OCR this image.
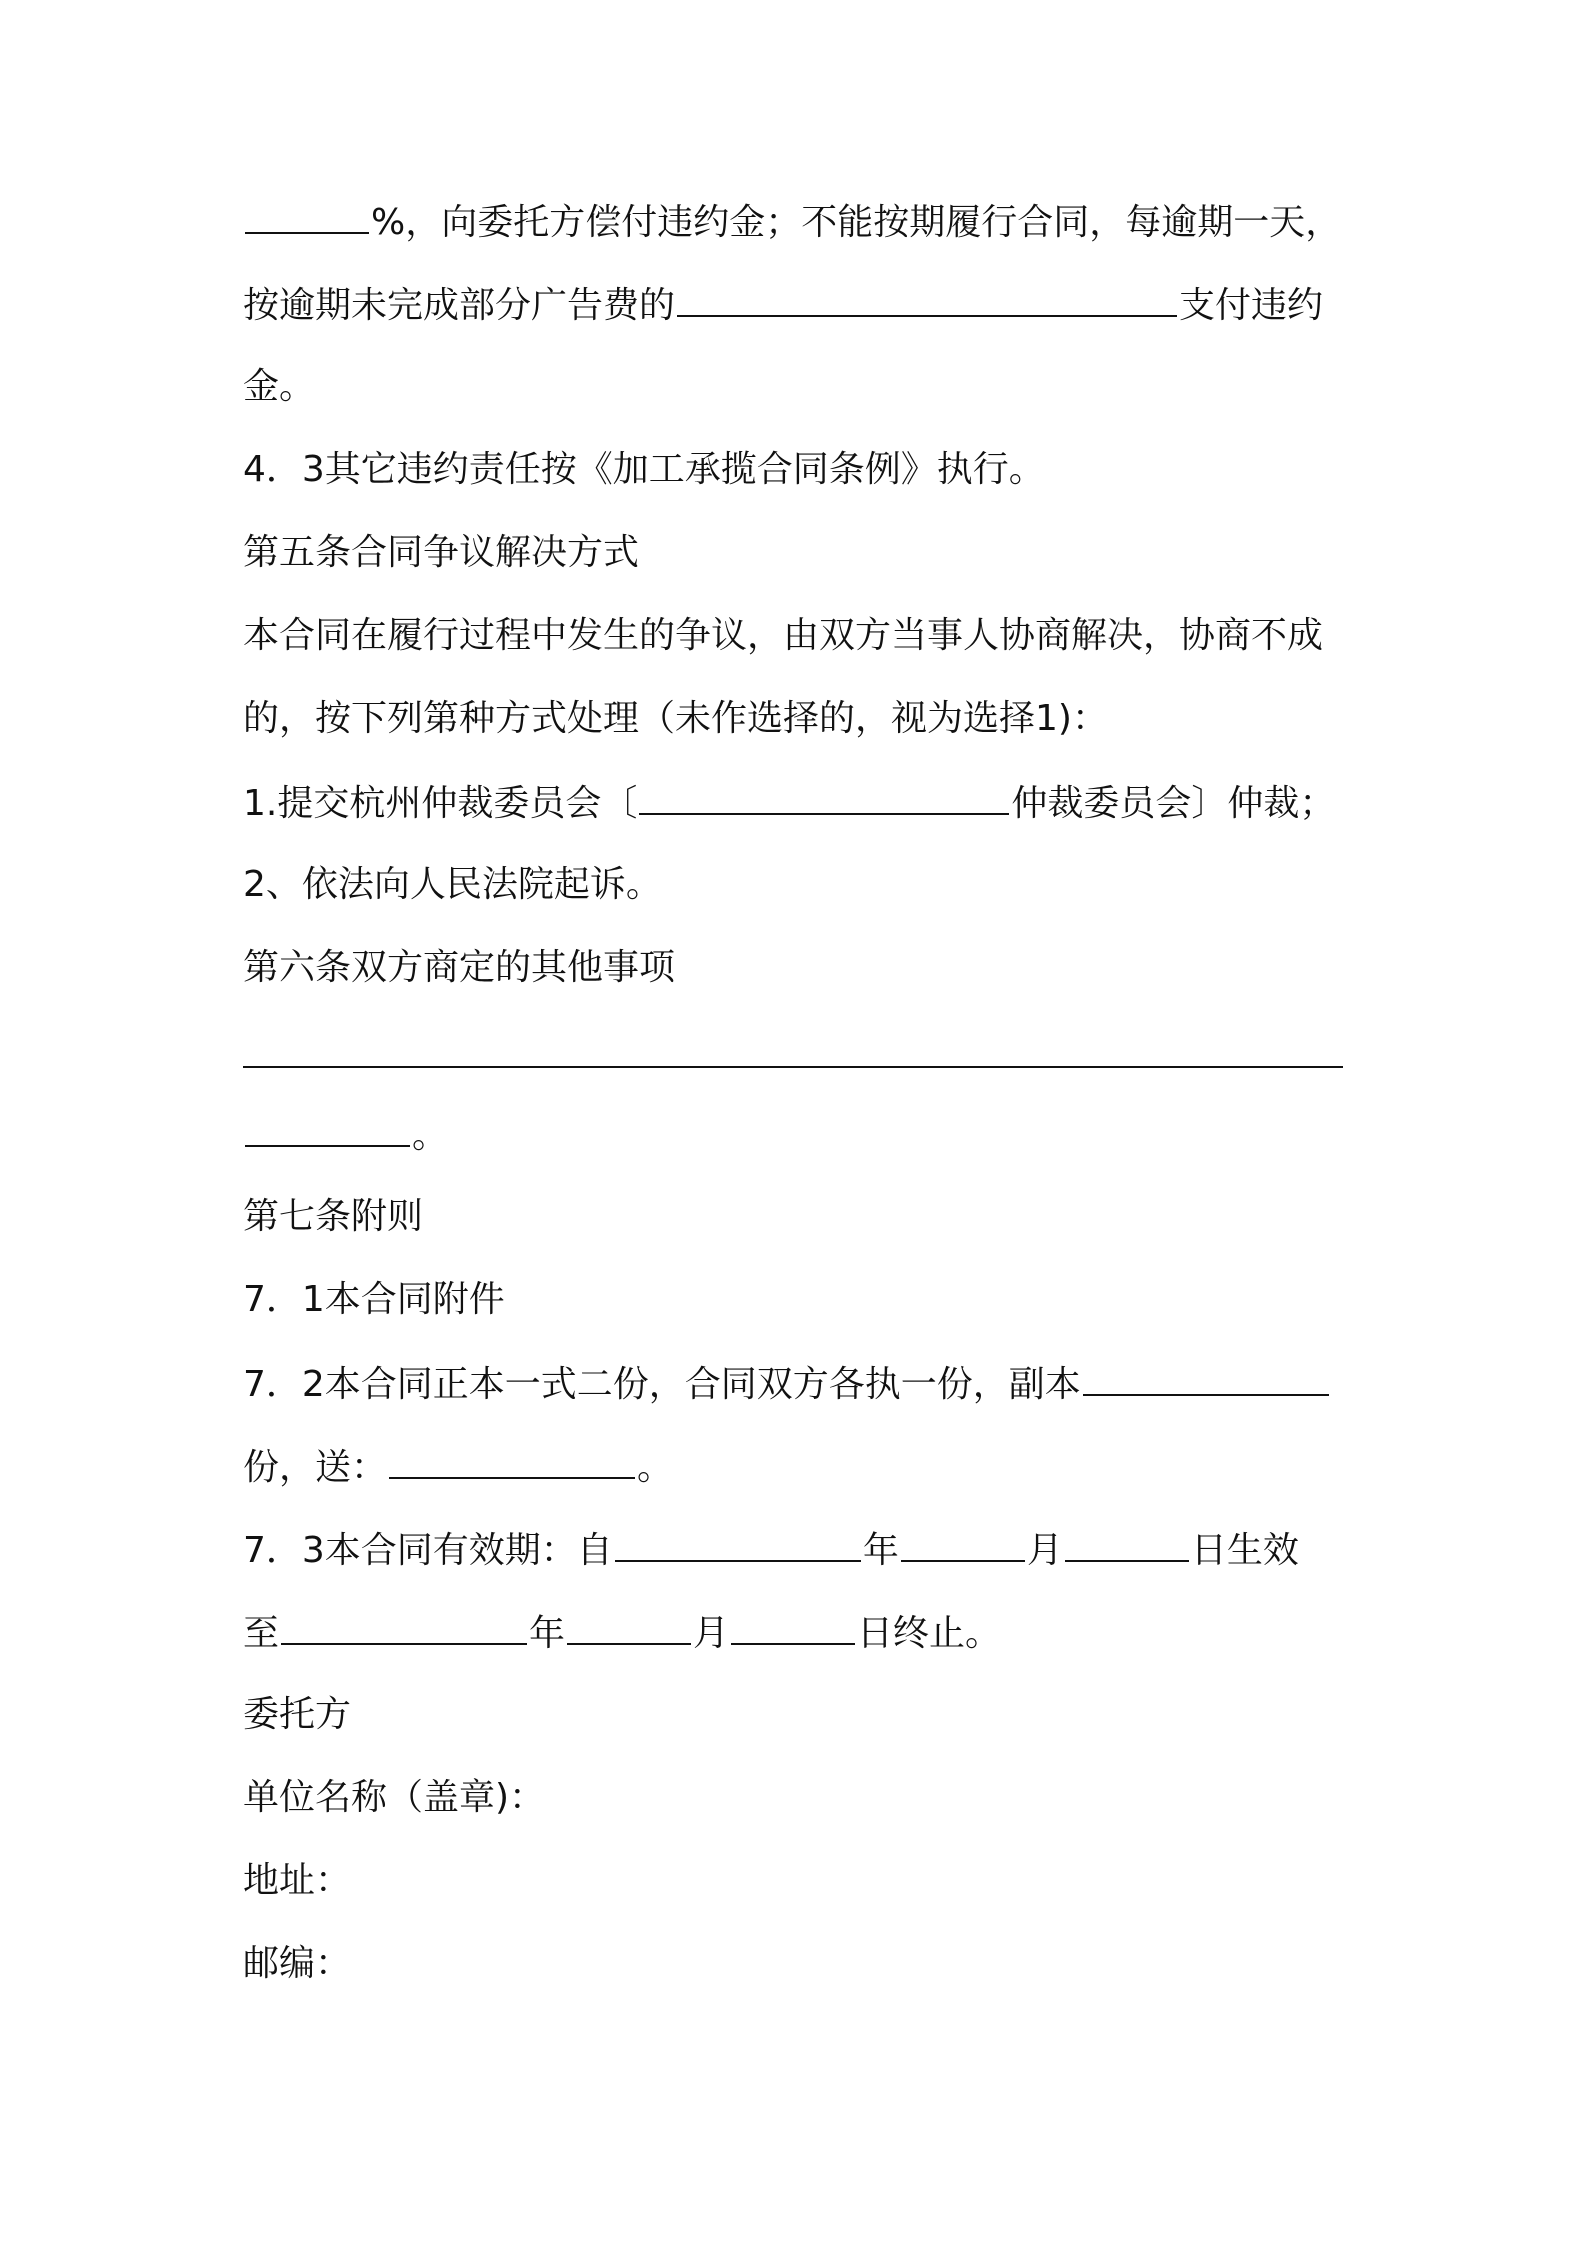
%，向委托方偿付违约金；不能按期履行合同，每逾期一天，
按逾期未完成部分广告费的	支付违约
金。
4．3其它违约责任按《加工承揽合同条例》执行。
第五条合同争议解决方式
本合同在履行过程中发生的争议，由双方当事人协商解决，协商不成
的，按下列第种方式处理（未作选择的，视为选择1)：
1.提交杭州仲裁委员会〔	仲裁委员会〕仲裁；
2、依法向人民法院起诉。
第六条双方商定的其他事项
。
第七条附则
7．1本合同附件
7．2本合同正本一式二份，合同双方各执一份，副本
份，送：	。
7．3本合同有效期：自	年	月	日生效
至	年	月	日终止。
委托方
单位名称（盖章)：
地址：
邮编：
